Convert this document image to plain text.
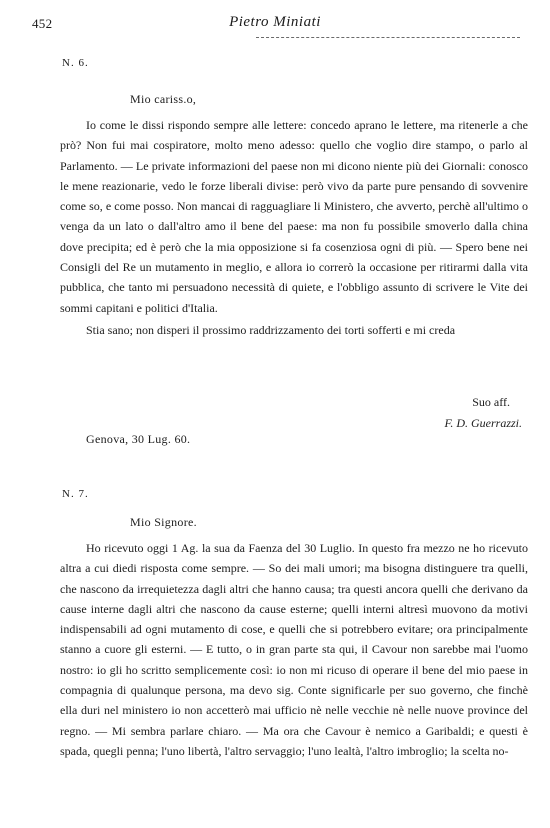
452	Pietro Miniati
N. 6.
Mio cariss.o,

Io come le dissi rispondo sempre alle lettere: concedo aprano le lettere, ma ritenerle a che prò? Non fui mai cospiratore, molto meno adesso: quello che voglio dire stampo, o parlo al Parlamento. — Le private informazioni del paese non mi dicono niente più dei Giornali: conosco le mene reazionarie, vedo le forze liberali divise: però vivo da parte pure pensando di sovvenire come so, e come posso. Non mancai di ragguagliare li Ministero, che avverto, perchè all'ultimo o venga da un lato o dall'altro amo il bene del paese: ma non fu possibile smoverlo dalla china dove precipita; ed è però che la mia opposizione si fa cosenziosa ogni di più. — Spero bene nei Consigli del Re un mutamento in meglio, e allora io correrò la occasione per ritirarmi dalla vita pubblica, che tanto mi persuadono necessità di quiete, e l'obbligo assunto di scrivere le Vite dei sommi capitani e politici d'Italia.

Stia sano; non disperi il prossimo raddrizzamento dei torti sofferti e mi creda

Suo aff.
F. D. Guerrazzi.
Genova, 30 Lug. 60.
N. 7.
Mio Signore.

Ho ricevuto oggi 1 Ag. la sua da Faenza del 30 Luglio. In questo fra mezzo ne ho ricevuto altra a cui diedi risposta come sempre. — So dei mali umori; ma bisogna distinguere tra quelli, che nascono da irrequietezza dagli altri che hanno causa; tra questi ancora quelli che derivano da cause interne dagli altri che nascono da cause esterne; quelli interni altresì muovono da motivi indispensabili ad ogni mutamento di cose, e quelli che si potrebbero evitare; ora principalmente stanno a cuore gli esterni. — E tutto, o in gran parte sta qui, il Cavour non sarebbe mai l'uomo nostro: io gli ho scritto semplicemente così: io non mi ricuso di operare il bene del mio paese in compagnia di qualunque persona, ma devo sig. Conte significarle per suo governo, che finchè ella duri nel ministero io non accetterò mai ufficio nè nelle vecchie nè nelle nuove province del regno. — Mi sembra parlare chiaro. — Ma ora che Cavour è nemico a Garibaldi; e questi è spada, quegli penna; l'uno libertà, l'altro servaggio; l'uno lealtà, l'altro imbroglio; la scelta no-
